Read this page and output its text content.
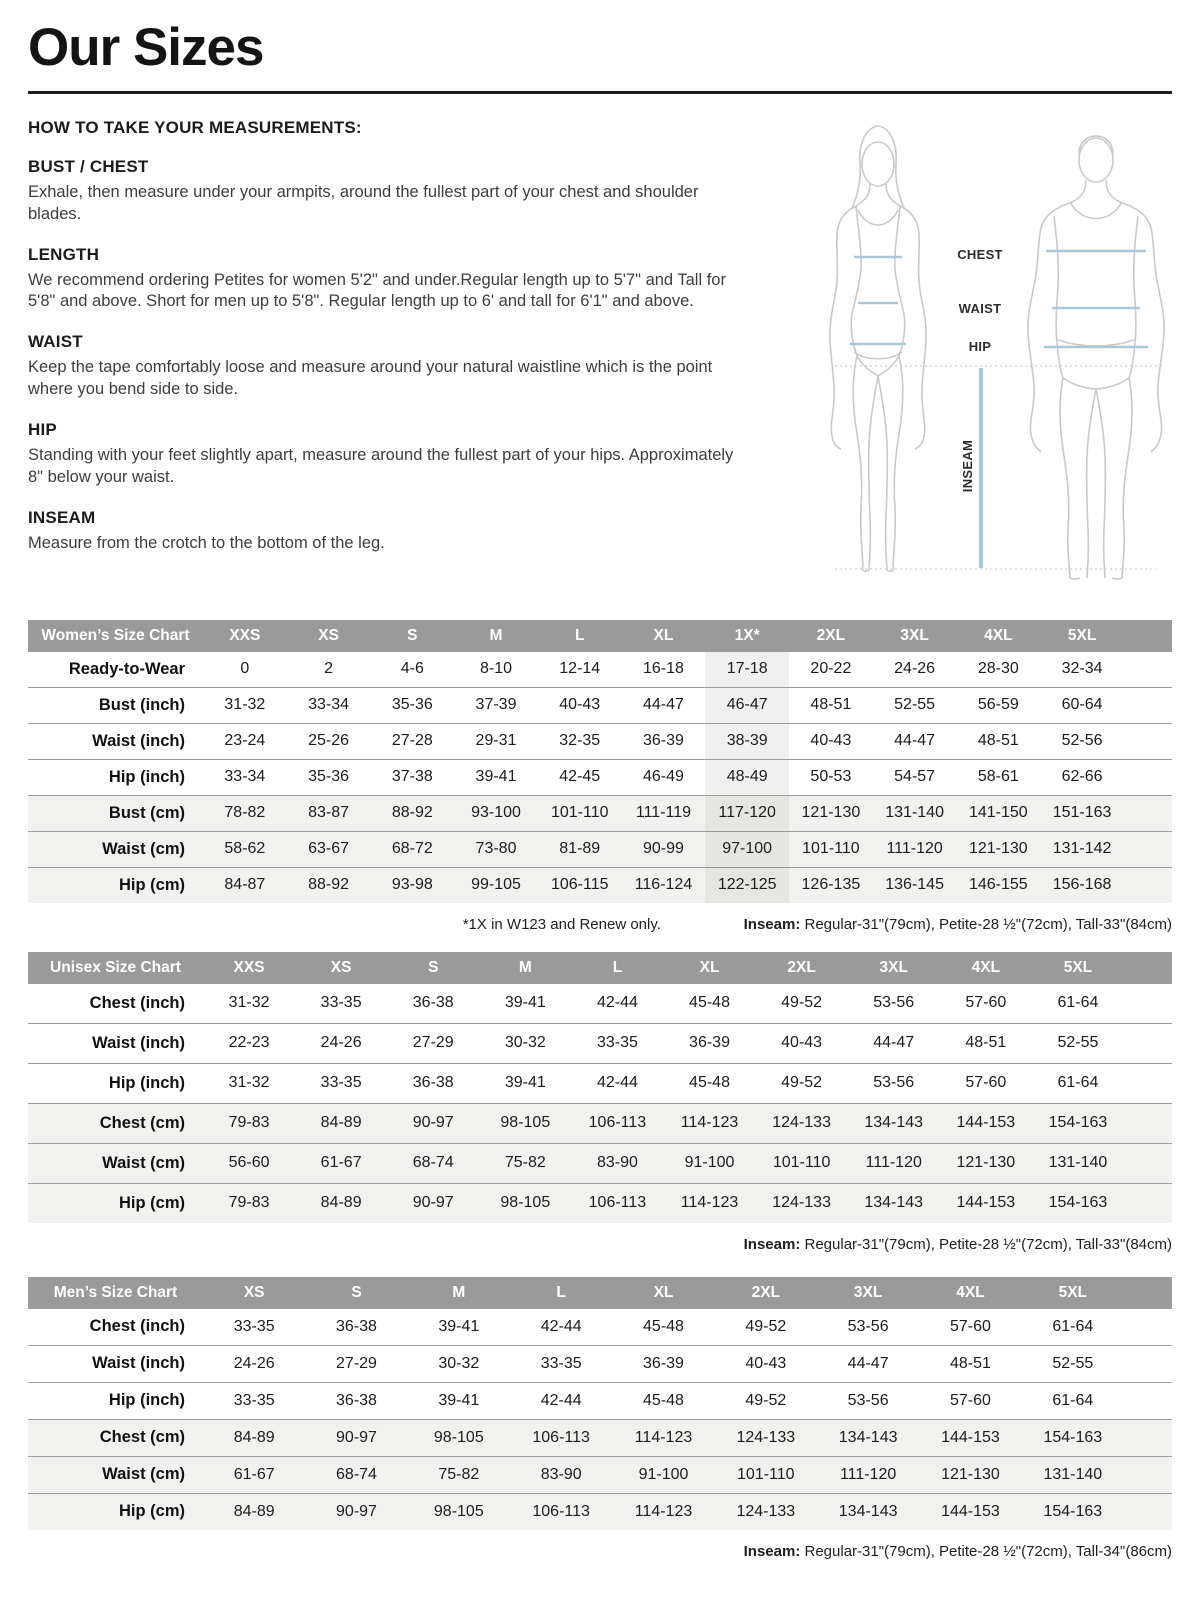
Our Sizes
HOW TO TAKE YOUR MEASUREMENTS:
BUST / CHEST

Exhale, then measure under your armpits, around the fullest part of your chest and shoulder blades.

LENGTH

We recommend ordering Petites for women 5'2" and under.Regular length up to 5'7" and Tall for 5'8" and above. Short for men up to 5'8". Regular length up to 6' and tall for 6'1" and above.

WAIST

Keep the tape comfortably loose and measure around your natural waistline which is the point where you bend side to side.

HIP

Standing with your feet slightly apart, measure around the fullest part of your hips. Approximately 8" below your waist.

INSEAM

Measure from the crotch to the bottom of the leg.

CHEST
WAIST
HIP
INSEAM
Women’s Size Chart	XXS	XS	S	M	L	XL	1X*	2XL	3XL	4XL	5XL	
Ready-to-Wear	0	2	4-6	8-10	12-14	16-18	17-18	20-22	24-26	28-30	32-34	
Bust (inch)	31-32	33-34	35-36	37-39	40-43	44-47	46-47	48-51	52-55	56-59	60-64	
Waist (inch)	23-24	25-26	27-28	29-31	32-35	36-39	38-39	40-43	44-47	48-51	52-56	
Hip (inch)	33-34	35-36	37-38	39-41	42-45	46-49	48-49	50-53	54-57	58-61	62-66	
Bust (cm)	78-82	83-87	88-92	93-100	101-110	111-119	117-120	121-130	131-140	141-150	151-163	
Waist (cm)	58-62	63-67	68-72	73-80	81-89	90-99	97-100	101-110	111-120	121-130	131-142	
Hip (cm)	84-87	88-92	93-98	99-105	106-115	116-124	122-125	126-135	136-145	146-155	156-168	
*1X in W123 and Renew only.	Inseam: Regular-31"(79cm), Petite-28 ½"(72cm), Tall-33"(84cm)
Unisex Size Chart	XXS	XS	S	M	L	XL	2XL	3XL	4XL	5XL	
Chest (inch)	31-32	33-35	36-38	39-41	42-44	45-48	49-52	53-56	57-60	61-64	
Waist (inch)	22-23	24-26	27-29	30-32	33-35	36-39	40-43	44-47	48-51	52-55	
Hip (inch)	31-32	33-35	36-38	39-41	42-44	45-48	49-52	53-56	57-60	61-64	
Chest (cm)	79-83	84-89	90-97	98-105	106-113	114-123	124-133	134-143	144-153	154-163	
Waist (cm)	56-60	61-67	68-74	75-82	83-90	91-100	101-110	111-120	121-130	131-140	
Hip (cm)	79-83	84-89	90-97	98-105	106-113	114-123	124-133	134-143	144-153	154-163	
Inseam: Regular-31"(79cm), Petite-28 ½"(72cm), Tall-33"(84cm)
Men’s Size Chart	XS	S	M	L	XL	2XL	3XL	4XL	5XL	
Chest (inch)	33-35	36-38	39-41	42-44	45-48	49-52	53-56	57-60	61-64	
Waist (inch)	24-26	27-29	30-32	33-35	36-39	40-43	44-47	48-51	52-55	
Hip (inch)	33-35	36-38	39-41	42-44	45-48	49-52	53-56	57-60	61-64	
Chest (cm)	84-89	90-97	98-105	106-113	114-123	124-133	134-143	144-153	154-163	
Waist (cm)	61-67	68-74	75-82	83-90	91-100	101-110	111-120	121-130	131-140	
Hip (cm)	84-89	90-97	98-105	106-113	114-123	124-133	134-143	144-153	154-163	
Inseam: Regular-31"(79cm), Petite-28 ½"(72cm), Tall-34"(86cm)
